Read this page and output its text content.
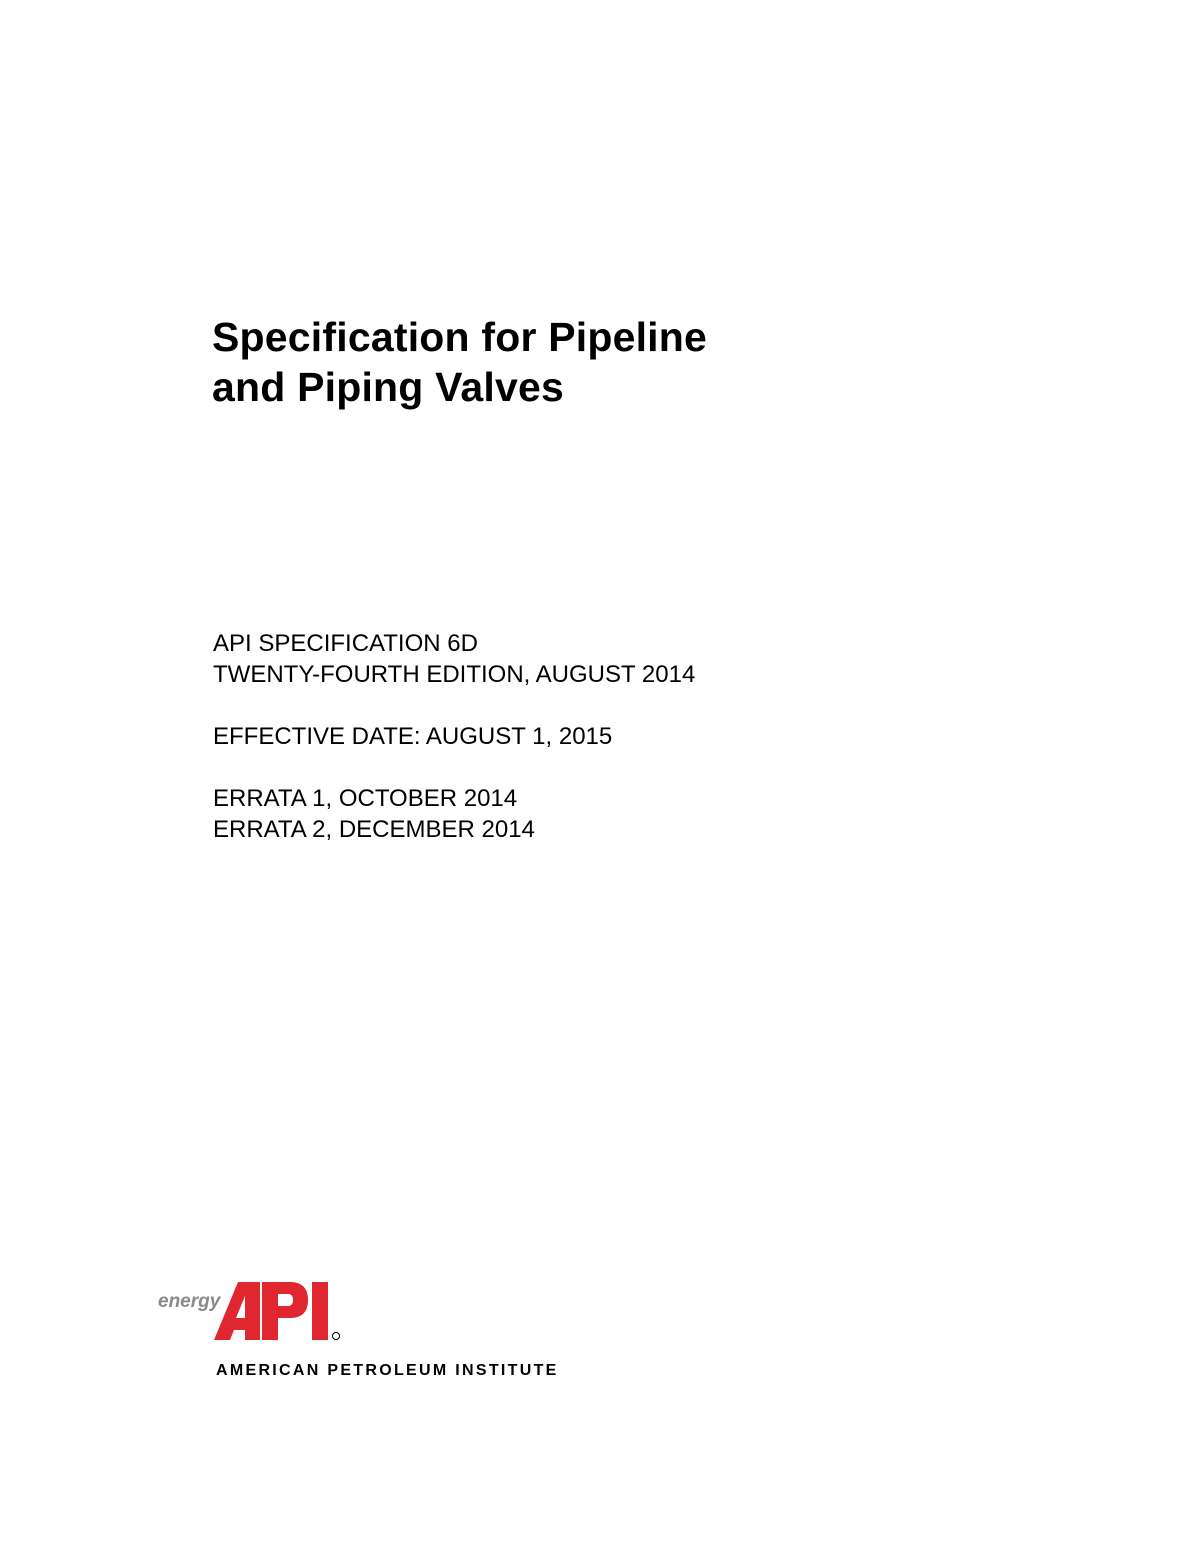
Specification for Pipeline
and Piping Valves
API SPECIFICATION 6D
TWENTY-FOURTH EDITION, AUGUST 2014
EFFECTIVE DATE: AUGUST 1, 2015
ERRATA 1, OCTOBER 2014
ERRATA 2, DECEMBER 2014
energy
AMERICAN PETROLEUM INSTITUTE
